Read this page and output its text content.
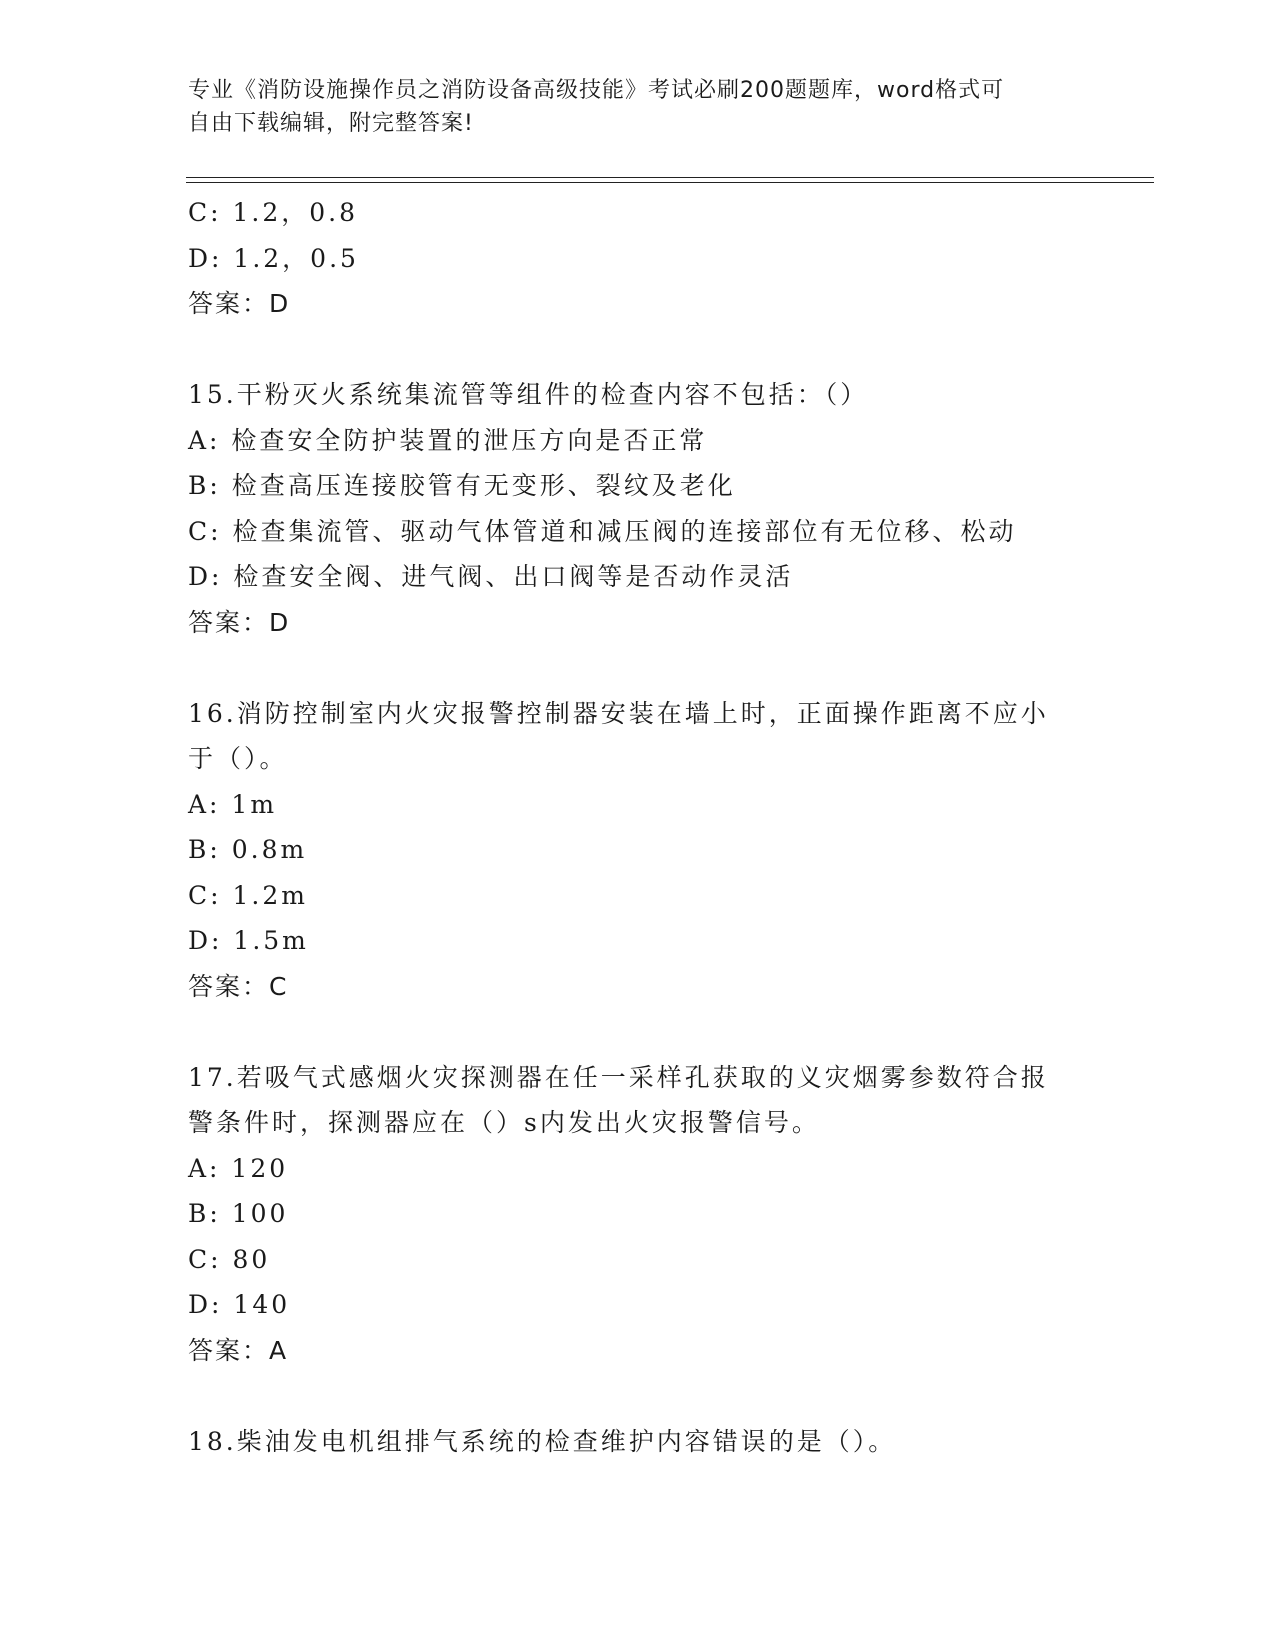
专业《消防设施操作员之消防设备高级技能》考试必刷200题题库，word格式可
自由下载编辑，附完整答案!
C: 1.2，0.8
D: 1.2，0.5
答案：D
15.干粉灭火系统集流管等组件的检查内容不包括：（）
A: 检查安全防护装置的泄压方向是否正常
B: 检查高压连接胶管有无变形、裂纹及老化
C: 检查集流管、驱动气体管道和减压阀的连接部位有无位移、松动
D: 检查安全阀、进气阀、出口阀等是否动作灵活
答案：D
16.消防控制室内火灾报警控制器安装在墙上时，正面操作距离不应小
于（）。
A: 1m
B: 0.8m
C: 1.2m
D: 1.5m
答案：C
17.若吸气式感烟火灾探测器在任一采样孔获取的义灾烟雾参数符合报
警条件时，探测器应在（）s内发出火灾报警信号。
A: 120
B: 100
C: 80
D: 140
答案：A
18.柴油发电机组排气系统的检查维护内容错误的是（）。
